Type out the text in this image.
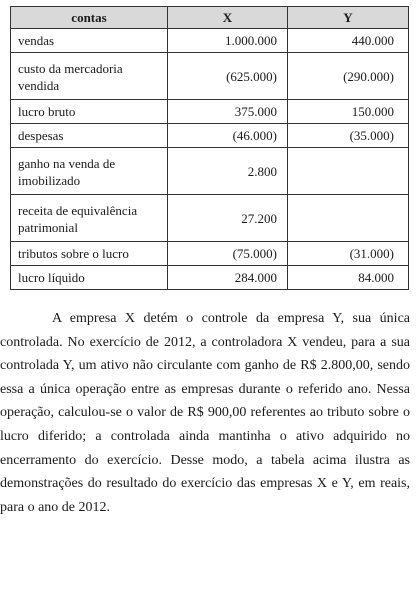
contas	X	Y
vendas	1.000.000	440.000
custo da mercadoria vendida	(625.000)	(290.000)
lucro bruto	375.000	150.000
despesas	(46.000)	(35.000)
ganho na venda de imobilizado	2.800	
receita de equivalência patrimonial	27.200	
tributos sobre o lucro	(75.000)	(31.000)
lucro líquido	284.000	84.000

A empresa X detém o controle da empresa Y, sua única controlada. No exercício de 2012, a controladora X vendeu, para a sua controlada Y, um ativo não circulante com ganho de R$ 2.800,00, sendo essa a única operação entre as empresas durante o referido ano. Nessa operação, calculou-se o valor de R$ 900,00 referentes ao tributo sobre o lucro diferido; a controlada ainda mantinha o ativo adquirido no encerramento do exercício. Desse modo, a tabela acima ilustra as demonstrações do resultado do exercício das empresas X e Y, em reais, para o ano de 2012.
